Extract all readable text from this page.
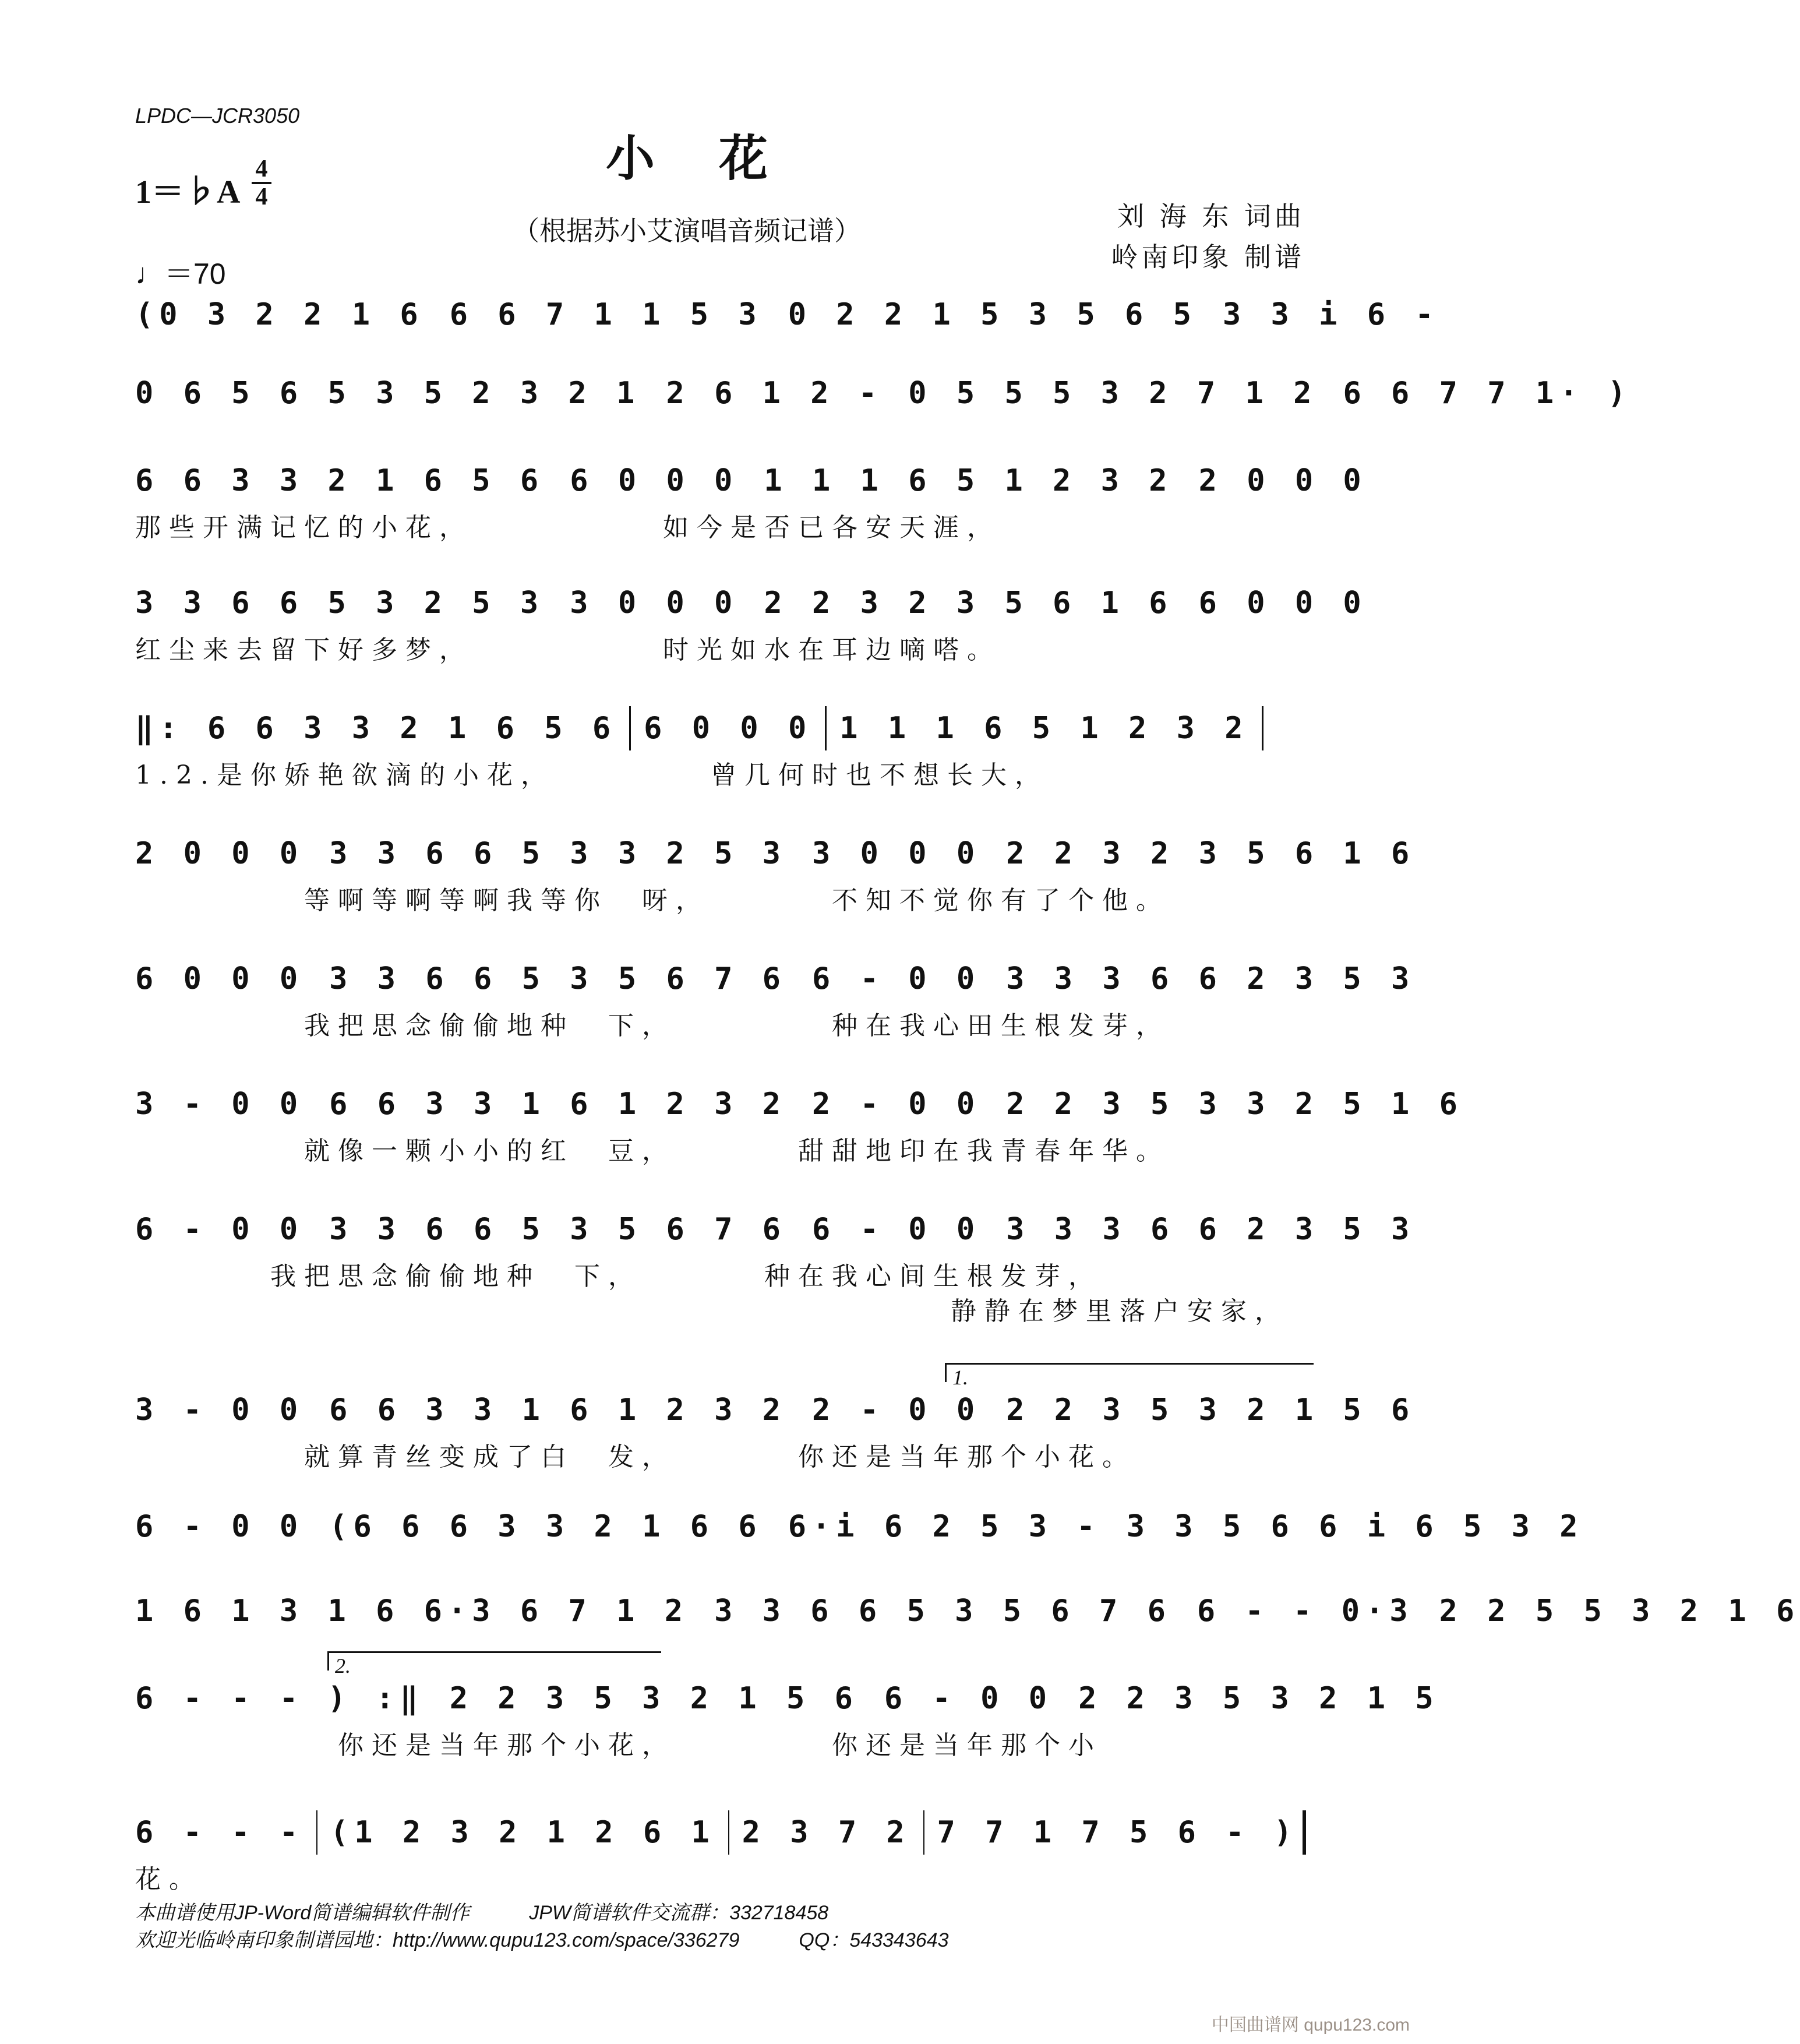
LPDC—JCR3050
小花
（根据苏小艾演唱音频记谱）
1＝♭A
4
4
♩＝70
刘 海 东 词曲
岭南印象 制谱
(0 3 2 2 1 6 6 6 7 1 1 5 3 0 2 2 1 5 3 5 6 5 3 3 i 6 -
0 6 5 6 5 3 5 2 3 2 1 2 6 1 2 - 0 5 5 5 3 2 7 1 2 6 6 7 7 1· )
6 6 3 3 2 1 6 5 6 6 0 0 0 1 1 1 6 5 1 2 3 2 2 0 0 0
那些开满记忆的小花，　　　　　　如今是否已各安天涯，
3 3 6 6 5 3 2 5 3 3 0 0 0 2 2 3 2 3 5 6 1 6 6 0 0 0
红尘来去留下好多梦，　　　　　　时光如水在耳边嘀嗒。
‖: 6 6 3 3 2 1 6 5 6 6 0 0 0 1 1 1 6 5 1 2 3 2
1.2.是你娇艳欲滴的小花，　　　　　曾几何时也不想长大，
2 0 0 0 3 3 6 6 5 3 3 2 5 3 3 0 0 0 2 2 3 2 3 5 6 1 6
　　　　　等啊等啊等啊我等你　呀，　　　　不知不觉你有了个他。
6 0 0 0 3 3 6 6 5 3 5 6 7 6 6 - 0 0 3 3 3 6 6 2 3 5 3
　　　　　我把思念偷偷地种　下，　　　　　种在我心田生根发芽，
3 - 0 0 6 6 3 3 1 6 1 2 3 2 2 - 0 0 2 2 3 5 3 3 2 5 1 6
　　　　　就像一颗小小的红　豆，　　　　甜甜地印在我青春年华。
6 - 0 0 3 3 6 6 5 3 5 6 7 6 6 - 0 0 3 3 3 6 6 2 3 5 3
　　　　我把思念偷偷地种　下，　　　　种在我心间生根发芽，
静静在梦里落户安家，
3 - 0 0 6 6 3 3 1 6 1 2 3 2 2 - 0 0 2 2 3 5 3 2 1 5 6
1.
　　　　　就算青丝变成了白　发，　　　　你还是当年那个小花。
6 - 0 0 (6 6 6 3 3 2 1 6 6 6·i 6 2 5 3 - 3 3 5 6 6 i 6 5 3 2
1 6 1 3 1 6 6·3 6 7 1 2 3 3 6 6 5 3 5 6 7 6 6 - - 0·3 2 2 5 5 3 2 1 6
6 - - - ) :‖ 2 2 3 5 3 2 1 5 6 6 - 0 0 2 2 3 5 3 2 1 5
2.
　　　　　　你还是当年那个小花，　　　　　你还是当年那个小
6 - - - (1 2 3 2 1 2 6 1 2 3 7 2 7 7 1 7 5 6 - )
花。
本曲谱使用JP-Word简谱编辑软件制作　　　JPW简谱软件交流群：332718458
欢迎光临岭南印象制谱园地：http://www.qupu123.com/space/336279　　　QQ：543343643
中国曲谱网 qupu123.com
